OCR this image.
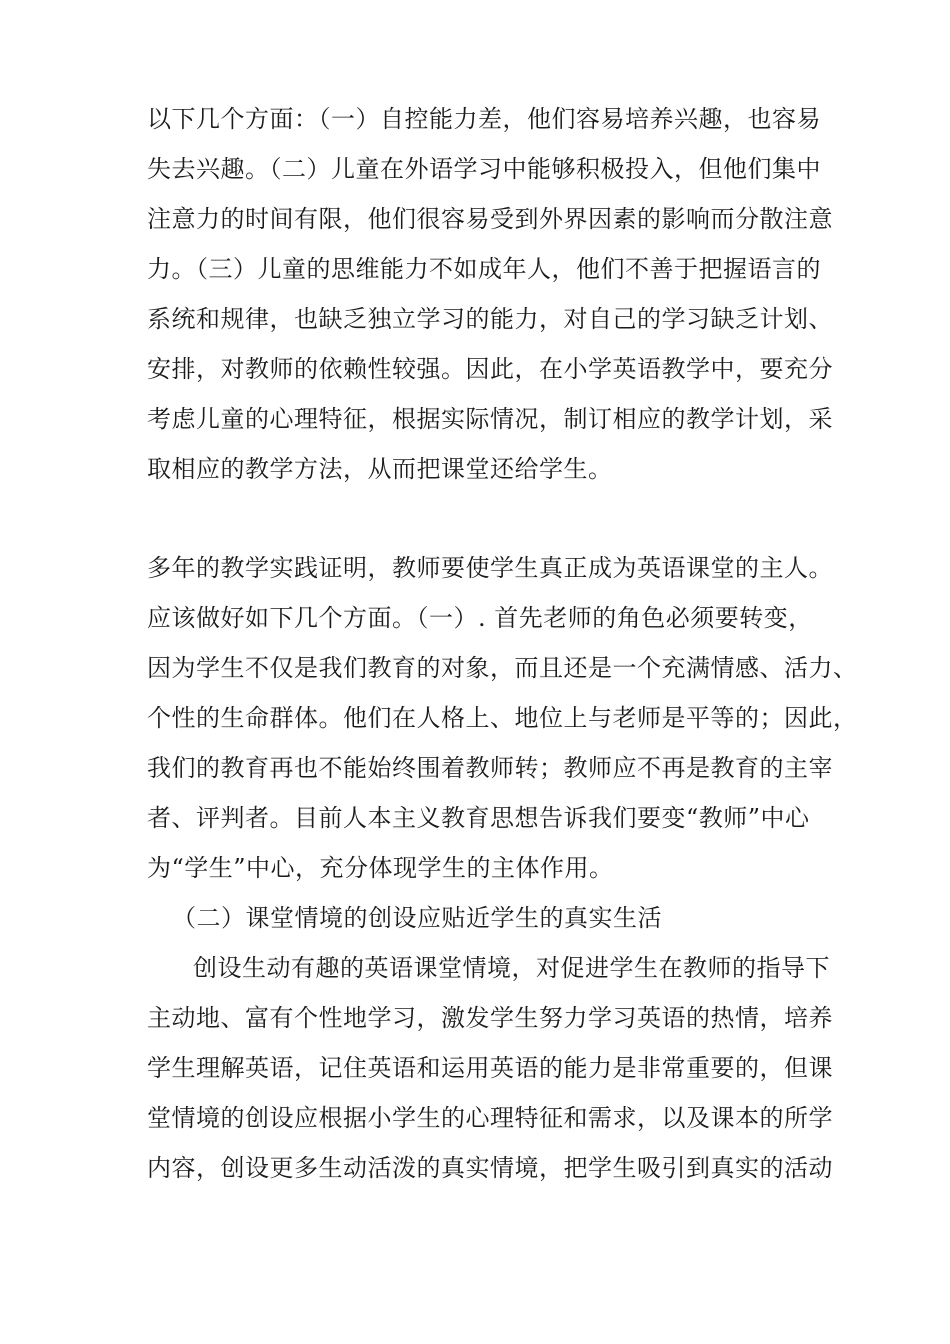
以下几个方面：（一）自控能力差，他们容易培养兴趣，也容易
失去兴趣。（二）儿童在外语学习中能够积极投入，但他们集中
注意力的时间有限，他们很容易受到外界因素的影响而分散注意
力。（三）儿童的思维能力不如成年人，他们不善于把握语言的
系统和规律，也缺乏独立学习的能力，对自己的学习缺乏计划、
安排，对教师的依赖性较强。因此，在小学英语教学中，要充分
考虑儿童的心理特征，根据实际情况，制订相应的教学计划，采
取相应的教学方法，从而把课堂还给学生。
多年的教学实践证明，教师要使学生真正成为英语课堂的主人。
应该做好如下几个方面。（一）. 首先老师的角色必须要转变，
因为学生不仅是我们教育的对象，而且还是一个充满情感、活力、
个性的生命群体。他们在人格上、地位上与老师是平等的；因此，
我们的教育再也不能始终围着教师转；教师应不再是教育的主宰
者、评判者。目前人本主义教育思想告诉我们要变“教师”中心
为“学生”中心，充分体现学生的主体作用。
（二）课堂情境的创设应贴近学生的真实生活
创设生动有趣的英语课堂情境，对促进学生在教师的指导下
主动地、富有个性地学习，激发学生努力学习英语的热情，培养
学生理解英语，记住英语和运用英语的能力是非常重要的，但课
堂情境的创设应根据小学生的心理特征和需求，以及课本的所学
内容，创设更多生动活泼的真实情境，把学生吸引到真实的活动
